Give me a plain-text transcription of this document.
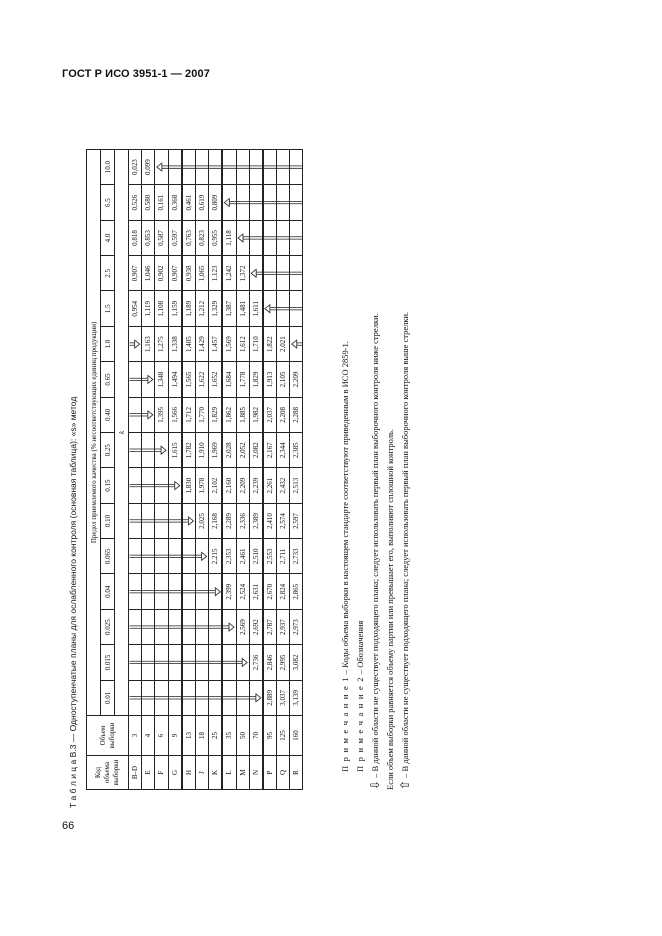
ГОСТ Р ИСО 3951-1 — 2007
Т а б л и ц а В.3 — Одноступенчатые планы для ослабленного контроля (основная таблица): «s» метод
Код объема выборки	Объем выборки	Предел приемлемого качества (% несоответствующих единиц продукции)															
		0.01	0.015	0.025	0.04	0.065	0.10	0.15	0.25	0.40	0.65	1.0	1.5	2.5	4.0	6.5	10.0
		k															
B–D	3												0,954	0,907	0,818	0,526	0,023
E	4											1,163	1,119	1,046	0,853	0,580	0,099
F	6									1,395	1,348	1,275	1,108	0,902	0,587	0,161	
G	9								1,615	1,566	1,494	1,338	1,159	0,907	0,597	0,368	
H	13							1,830	1,782	1,712	1,565	1,405	1,189	0,938	0,763	0,461	
J	18						2,025	1,978	1,910	1,770	1,622	1,429	1,212	1,065	0,823	0,619	
K	25					2,215	2,168	2,102	1,969	1,829	1,652	1,457	1,329	1,123	0,955	0,809	
L	35				2,399	2,353	2,289	2,160	2,028	1,862	1,684	1,569	1,387	1,242	1,118		
M	50			2,569	2,524	2,461	2,336	2,209	2,052	1,885	1,778	1,612	1,481	1,372			
N	70		2,736	2,692	2,631	2,510	2,389	2,239	2,082	1,982	1,829	1,710	1,611				
P	95	2,889	2,846	2,787	2,670	2,553	2,410	2,261	2,167	2,037	1,913	1,822					
Q	125	3,037	2,995	2,937	2,824	2,711	2,574	2,432	2,344	2,208	2,105	2,021					
R	160	3,139	3,082	2,973	2,865	2,733	2,597	2,513	2,385	2,288	2,209						
П р и м е ч а н и е 1 – Коды объема выборки в настоящем стандарте соответствуют приведенным в ИСО 2859-1.
П р и м е ч а н и е 2 – Обозначения
⇩ – В данной области не существует подходящего плана; следует использовать первый план выборочного контроля ниже стрелки. Если объем выборки равняется объему партии или превышает его, выполняют сплошной контроль. ⇧ – В данной области не существует подходящего плана; следует использовать первый план выборочного контроля выше стрелки.
66
